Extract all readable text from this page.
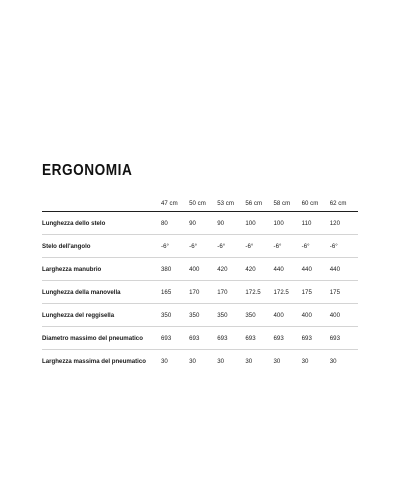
ERGONOMIA
	47 cm	50 cm	53 cm	56 cm	58 cm	60 cm	62 cm
Lunghezza dello stelo	80	90	90	100	100	110	120
Stelo dell'angolo	-6°	-6°	-6°	-6°	-6°	-6°	-6°
Larghezza manubrio	380	400	420	420	440	440	440
Lunghezza della manovella	165	170	170	172.5	172.5	175	175
Lunghezza del reggisella	350	350	350	350	400	400	400
Diametro massimo del pneumatico	693	693	693	693	693	693	693
Larghezza massima del pneumatico	30	30	30	30	30	30	30
